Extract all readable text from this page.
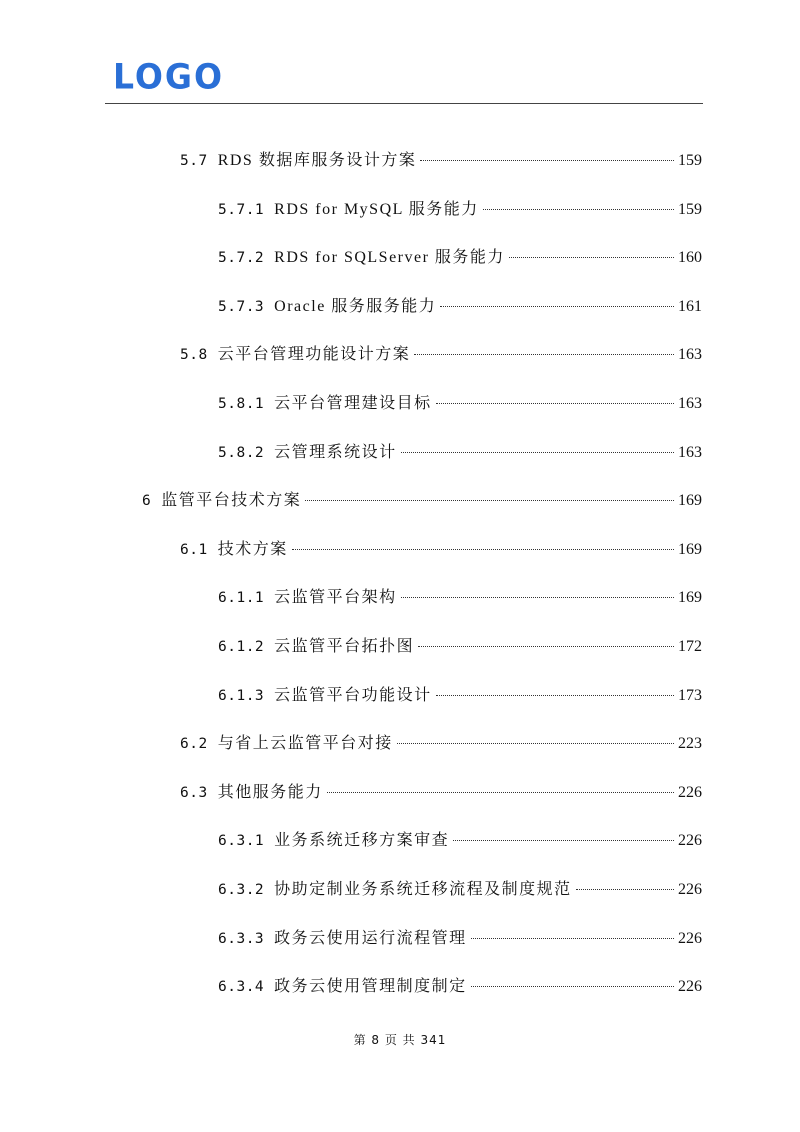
LOGO
5.7 RDS 数据库服务设计方案	159
5.7.1 RDS for MySQL 服务能力	159
5.7.2 RDS for SQLServer 服务能力	160
5.7.3 Oracle 服务服务能力	161
5.8 云平台管理功能设计方案	163
5.8.1 云平台管理建设目标	163
5.8.2 云管理系统设计	163
6 监管平台技术方案	169
6.1 技术方案	169
6.1.1 云监管平台架构	169
6.1.2 云监管平台拓扑图	172
6.1.3 云监管平台功能设计	173
6.2 与省上云监管平台对接	223
6.3 其他服务能力	226
6.3.1 业务系统迁移方案审查	226
6.3.2 协助定制业务系统迁移流程及制度规范	226
6.3.3 政务云使用运行流程管理	226
6.3.4 政务云使用管理制度制定	226
第 8 页 共 341
